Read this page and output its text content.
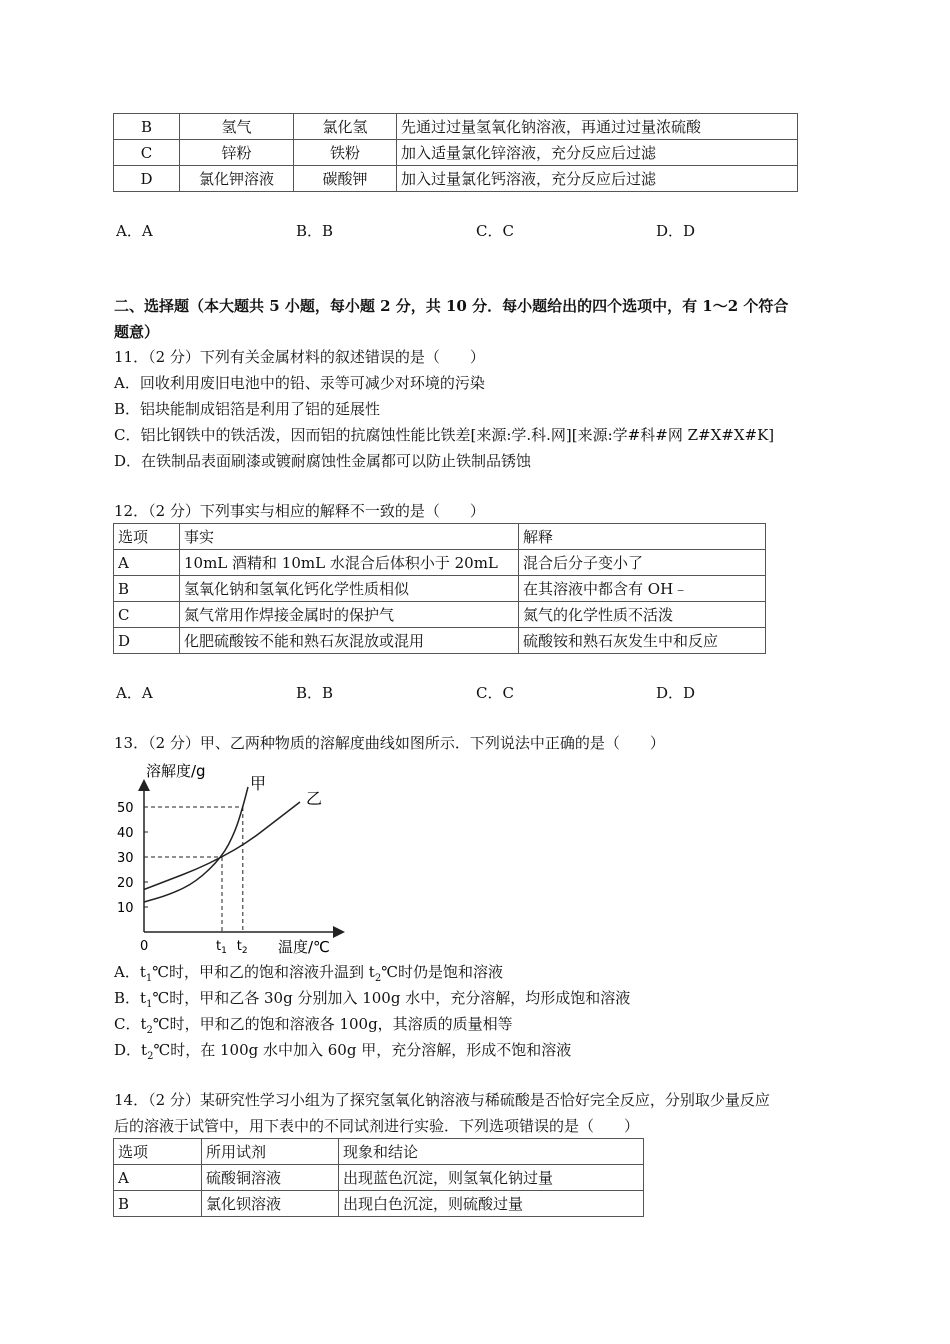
B	氢气	氯化氢	先通过过量氢氧化钠溶液，再通过过量浓硫酸
C	锌粉	铁粉	加入适量氯化锌溶液，充分反应后过滤
D	氯化钾溶液	碳酸钾	加入过量氯化钙溶液，充分反应后过滤
A．A	B．B	C．C	D．D
二、选择题（本大题共 5 小题，每小题 2 分，共 10 分．每小题给出的四个选项中，有 1～2 个符合
题意）
11．（2 分）下列有关金属材料的叙述错误的是（　　）
A．回收利用废旧电池中的铅、汞等可减少对环境的污染
B．铝块能制成铝箔是利用了铝的延展性
C．铝比钢铁中的铁活泼，因而铝的抗腐蚀性能比铁差[来源:学.科.网][来源:学#科#网 Z#X#X#K]
D．在铁制品表面刷漆或镀耐腐蚀性金属都可以防止铁制品锈蚀
12．（2 分）下列事实与相应的解释不一致的是（　　）
选项	事实	解释
A	10mL 酒精和 10mL 水混合后体积小于 20mL	混合后分子变小了
B	氢氧化钠和氢氧化钙化学性质相似	在其溶液中都含有 OH﹣
C	氮气常用作焊接金属时的保护气	氮气的化学性质不活泼
D	化肥硫酸铵不能和熟石灰混放或混用	硫酸铵和熟石灰发生中和反应
A．A	B．B	C．C	D．D
13．（2 分）甲、乙两种物质的溶解度曲线如图所示．下列说法中正确的是（　　）
溶解度/g
温度/℃
0
10
20
30
40
50
$t_1$ $t_2$
甲
乙
A．$t_1℃$时，甲和乙的饱和溶液升温到 $t_2℃$时仍是饱和溶液
B．$t_1℃$时，甲和乙各 30g 分别加入 100g 水中，充分溶解，均形成饱和溶液
C．$t_2℃$时，甲和乙的饱和溶液各 100g，其溶质的质量相等
D．$t_2℃$时，在 100g 水中加入 60g 甲，充分溶解，形成不饱和溶液
14．（2 分）某研究性学习小组为了探究氢氧化钠溶液与稀硫酸是否恰好完全反应，分别取少量反应
后的溶液于试管中，用下表中的不同试剂进行实验．下列选项错误的是（　　）
选项	所用试剂	现象和结论
A	硫酸铜溶液	出现蓝色沉淀，则氢氧化钠过量
B	氯化钡溶液	出现白色沉淀，则硫酸过量
